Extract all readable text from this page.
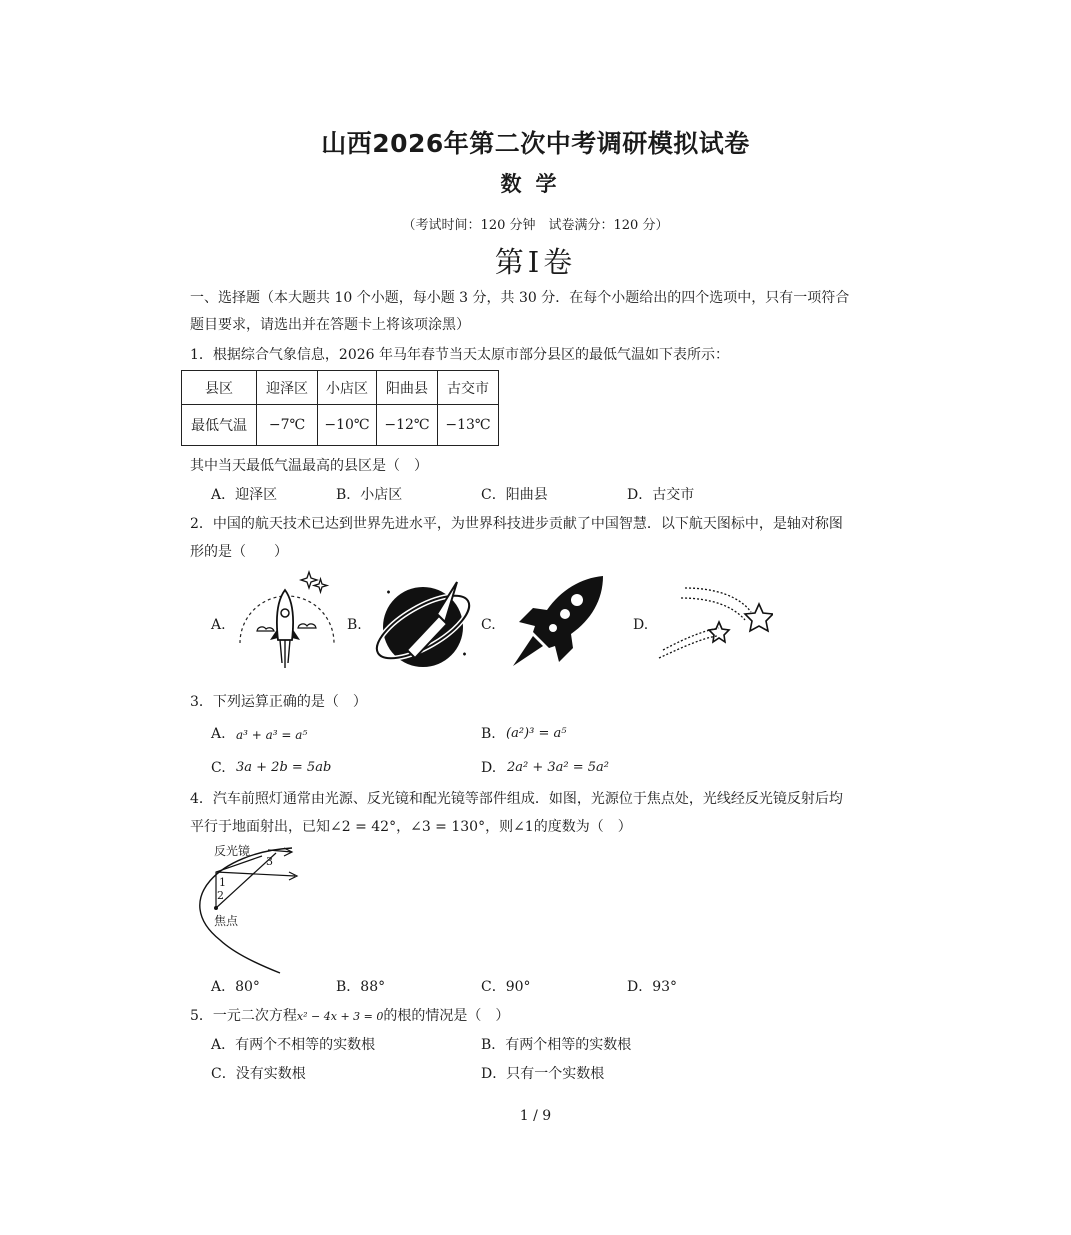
山西2026年第二次中考调研模拟试卷
数学
（考试时间：120 分钟　试卷满分：120 分）
第Ⅰ卷
一、选择题（本大题共 10 个小题，每小题 3 分，共 30 分．在每个小题给出的四个选项中，只有一项符合
题目要求，请选出并在答题卡上将该项涂黑）
1．根据综合气象信息，2026 年马年春节当天太原市部分县区的最低气温如下表所示：
县区	迎泽区	小店区	阳曲县	古交市
最低气温	−7℃	−10℃	−12℃	−13℃
其中当天最低气温最高的县区是（　）
A．迎泽区	B．小店区	C．阳曲县	D．古交市
2．中国的航天技术已达到世界先进水平，为世界科技进步贡献了中国智慧．以下航天图标中，是轴对称图
形的是（　　）
A.	B.	C.	D.
3．下列运算正确的是（　）
A. a³ + a³ = a⁵	B. (a²)³ = a⁵
C. 3a + 2b = 5ab	D. 2a² + 3a² = 5a²
4．汽车前照灯通常由光源、反光镜和配光镜等部件组成．如图，光源位于焦点处，光线经反光镜反射后均
平行于地面射出，已知∠2 = 42°，∠3 = 130°，则∠1的度数为（　）
反光镜
焦点
1
2
3
A．80°	B．88°	C．90°	D．93°
5．一元二次方程x² − 4x + 3 = 0的根的情况是（　）
A．有两个不相等的实数根	B．有两个相等的实数根
C．没有实数根	D．只有一个实数根
1 / 9
